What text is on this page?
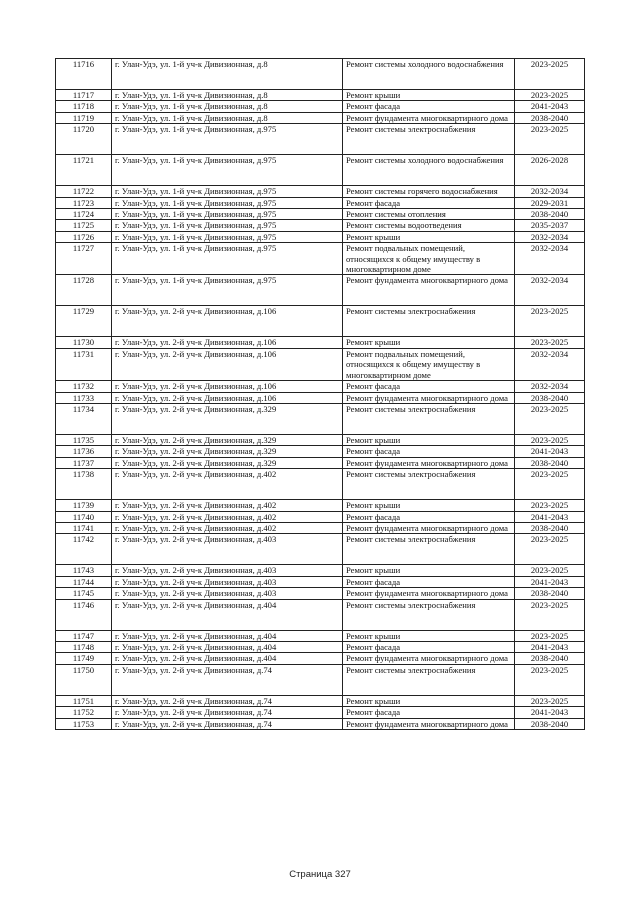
11716	г. Улан-Удэ, ул. 1-й уч-к Дивизионная, д.8	Ремонт системы холодного водоснабжения	2023-2025
11717	г. Улан-Удэ, ул. 1-й уч-к Дивизионная, д.8	Ремонт крыши	2023-2025
11718	г. Улан-Удэ, ул. 1-й уч-к Дивизионная, д.8	Ремонт фасада	2041-2043
11719	г. Улан-Удэ, ул. 1-й уч-к Дивизионная, д.8	Ремонт фундамента многоквартирного дома	2038-2040
11720	г. Улан-Удэ, ул. 1-й уч-к Дивизионная, д.975	Ремонт системы электроснабжения	2023-2025
11721	г. Улан-Удэ, ул. 1-й уч-к Дивизионная, д.975	Ремонт системы холодного водоснабжения	2026-2028
11722	г. Улан-Удэ, ул. 1-й уч-к Дивизионная, д.975	Ремонт системы горячего водоснабжения	2032-2034
11723	г. Улан-Удэ, ул. 1-й уч-к Дивизионная, д.975	Ремонт фасада	2029-2031
11724	г. Улан-Удэ, ул. 1-й уч-к Дивизионная, д.975	Ремонт системы отопления	2038-2040
11725	г. Улан-Удэ, ул. 1-й уч-к Дивизионная, д.975	Ремонт системы водоотведения	2035-2037
11726	г. Улан-Удэ, ул. 1-й уч-к Дивизионная, д.975	Ремонт крыши	2032-2034
11727	г. Улан-Удэ, ул. 1-й уч-к Дивизионная, д.975	Ремонт подвальных помещений, относящихся к общему имуществу в многоквартирном доме	2032-2034
11728	г. Улан-Удэ, ул. 1-й уч-к Дивизионная, д.975	Ремонт фундамента многоквартирного дома	2032-2034
11729	г. Улан-Удэ, ул. 2-й уч-к Дивизионная, д.106	Ремонт системы электроснабжения	2023-2025
11730	г. Улан-Удэ, ул. 2-й уч-к Дивизионная, д.106	Ремонт крыши	2023-2025
11731	г. Улан-Удэ, ул. 2-й уч-к Дивизионная, д.106	Ремонт подвальных помещений, относящихся к общему имуществу в многоквартирном доме	2032-2034
11732	г. Улан-Удэ, ул. 2-й уч-к Дивизионная, д.106	Ремонт фасада	2032-2034
11733	г. Улан-Удэ, ул. 2-й уч-к Дивизионная, д.106	Ремонт фундамента многоквартирного дома	2038-2040
11734	г. Улан-Удэ, ул. 2-й уч-к Дивизионная, д.329	Ремонт системы электроснабжения	2023-2025
11735	г. Улан-Удэ, ул. 2-й уч-к Дивизионная, д.329	Ремонт крыши	2023-2025
11736	г. Улан-Удэ, ул. 2-й уч-к Дивизионная, д.329	Ремонт фасада	2041-2043
11737	г. Улан-Удэ, ул. 2-й уч-к Дивизионная, д.329	Ремонт фундамента многоквартирного дома	2038-2040
11738	г. Улан-Удэ, ул. 2-й уч-к Дивизионная, д.402	Ремонт системы электроснабжения	2023-2025
11739	г. Улан-Удэ, ул. 2-й уч-к Дивизионная, д.402	Ремонт крыши	2023-2025
11740	г. Улан-Удэ, ул. 2-й уч-к Дивизионная, д.402	Ремонт фасада	2041-2043
11741	г. Улан-Удэ, ул. 2-й уч-к Дивизионная, д.402	Ремонт фундамента многоквартирного дома	2038-2040
11742	г. Улан-Удэ, ул. 2-й уч-к Дивизионная, д.403	Ремонт системы электроснабжения	2023-2025
11743	г. Улан-Удэ, ул. 2-й уч-к Дивизионная, д.403	Ремонт крыши	2023-2025
11744	г. Улан-Удэ, ул. 2-й уч-к Дивизионная, д.403	Ремонт фасада	2041-2043
11745	г. Улан-Удэ, ул. 2-й уч-к Дивизионная, д.403	Ремонт фундамента многоквартирного дома	2038-2040
11746	г. Улан-Удэ, ул. 2-й уч-к Дивизионная, д.404	Ремонт системы электроснабжения	2023-2025
11747	г. Улан-Удэ, ул. 2-й уч-к Дивизионная, д.404	Ремонт крыши	2023-2025
11748	г. Улан-Удэ, ул. 2-й уч-к Дивизионная, д.404	Ремонт фасада	2041-2043
11749	г. Улан-Удэ, ул. 2-й уч-к Дивизионная, д.404	Ремонт фундамента многоквартирного дома	2038-2040
11750	г. Улан-Удэ, ул. 2-й уч-к Дивизионная, д.74	Ремонт системы электроснабжения	2023-2025
11751	г. Улан-Удэ, ул. 2-й уч-к Дивизионная, д.74	Ремонт крыши	2023-2025
11752	г. Улан-Удэ, ул. 2-й уч-к Дивизионная, д.74	Ремонт фасада	2041-2043
11753	г. Улан-Удэ, ул. 2-й уч-к Дивизионная, д.74	Ремонт фундамента многоквартирного дома	2038-2040
Страница 327
